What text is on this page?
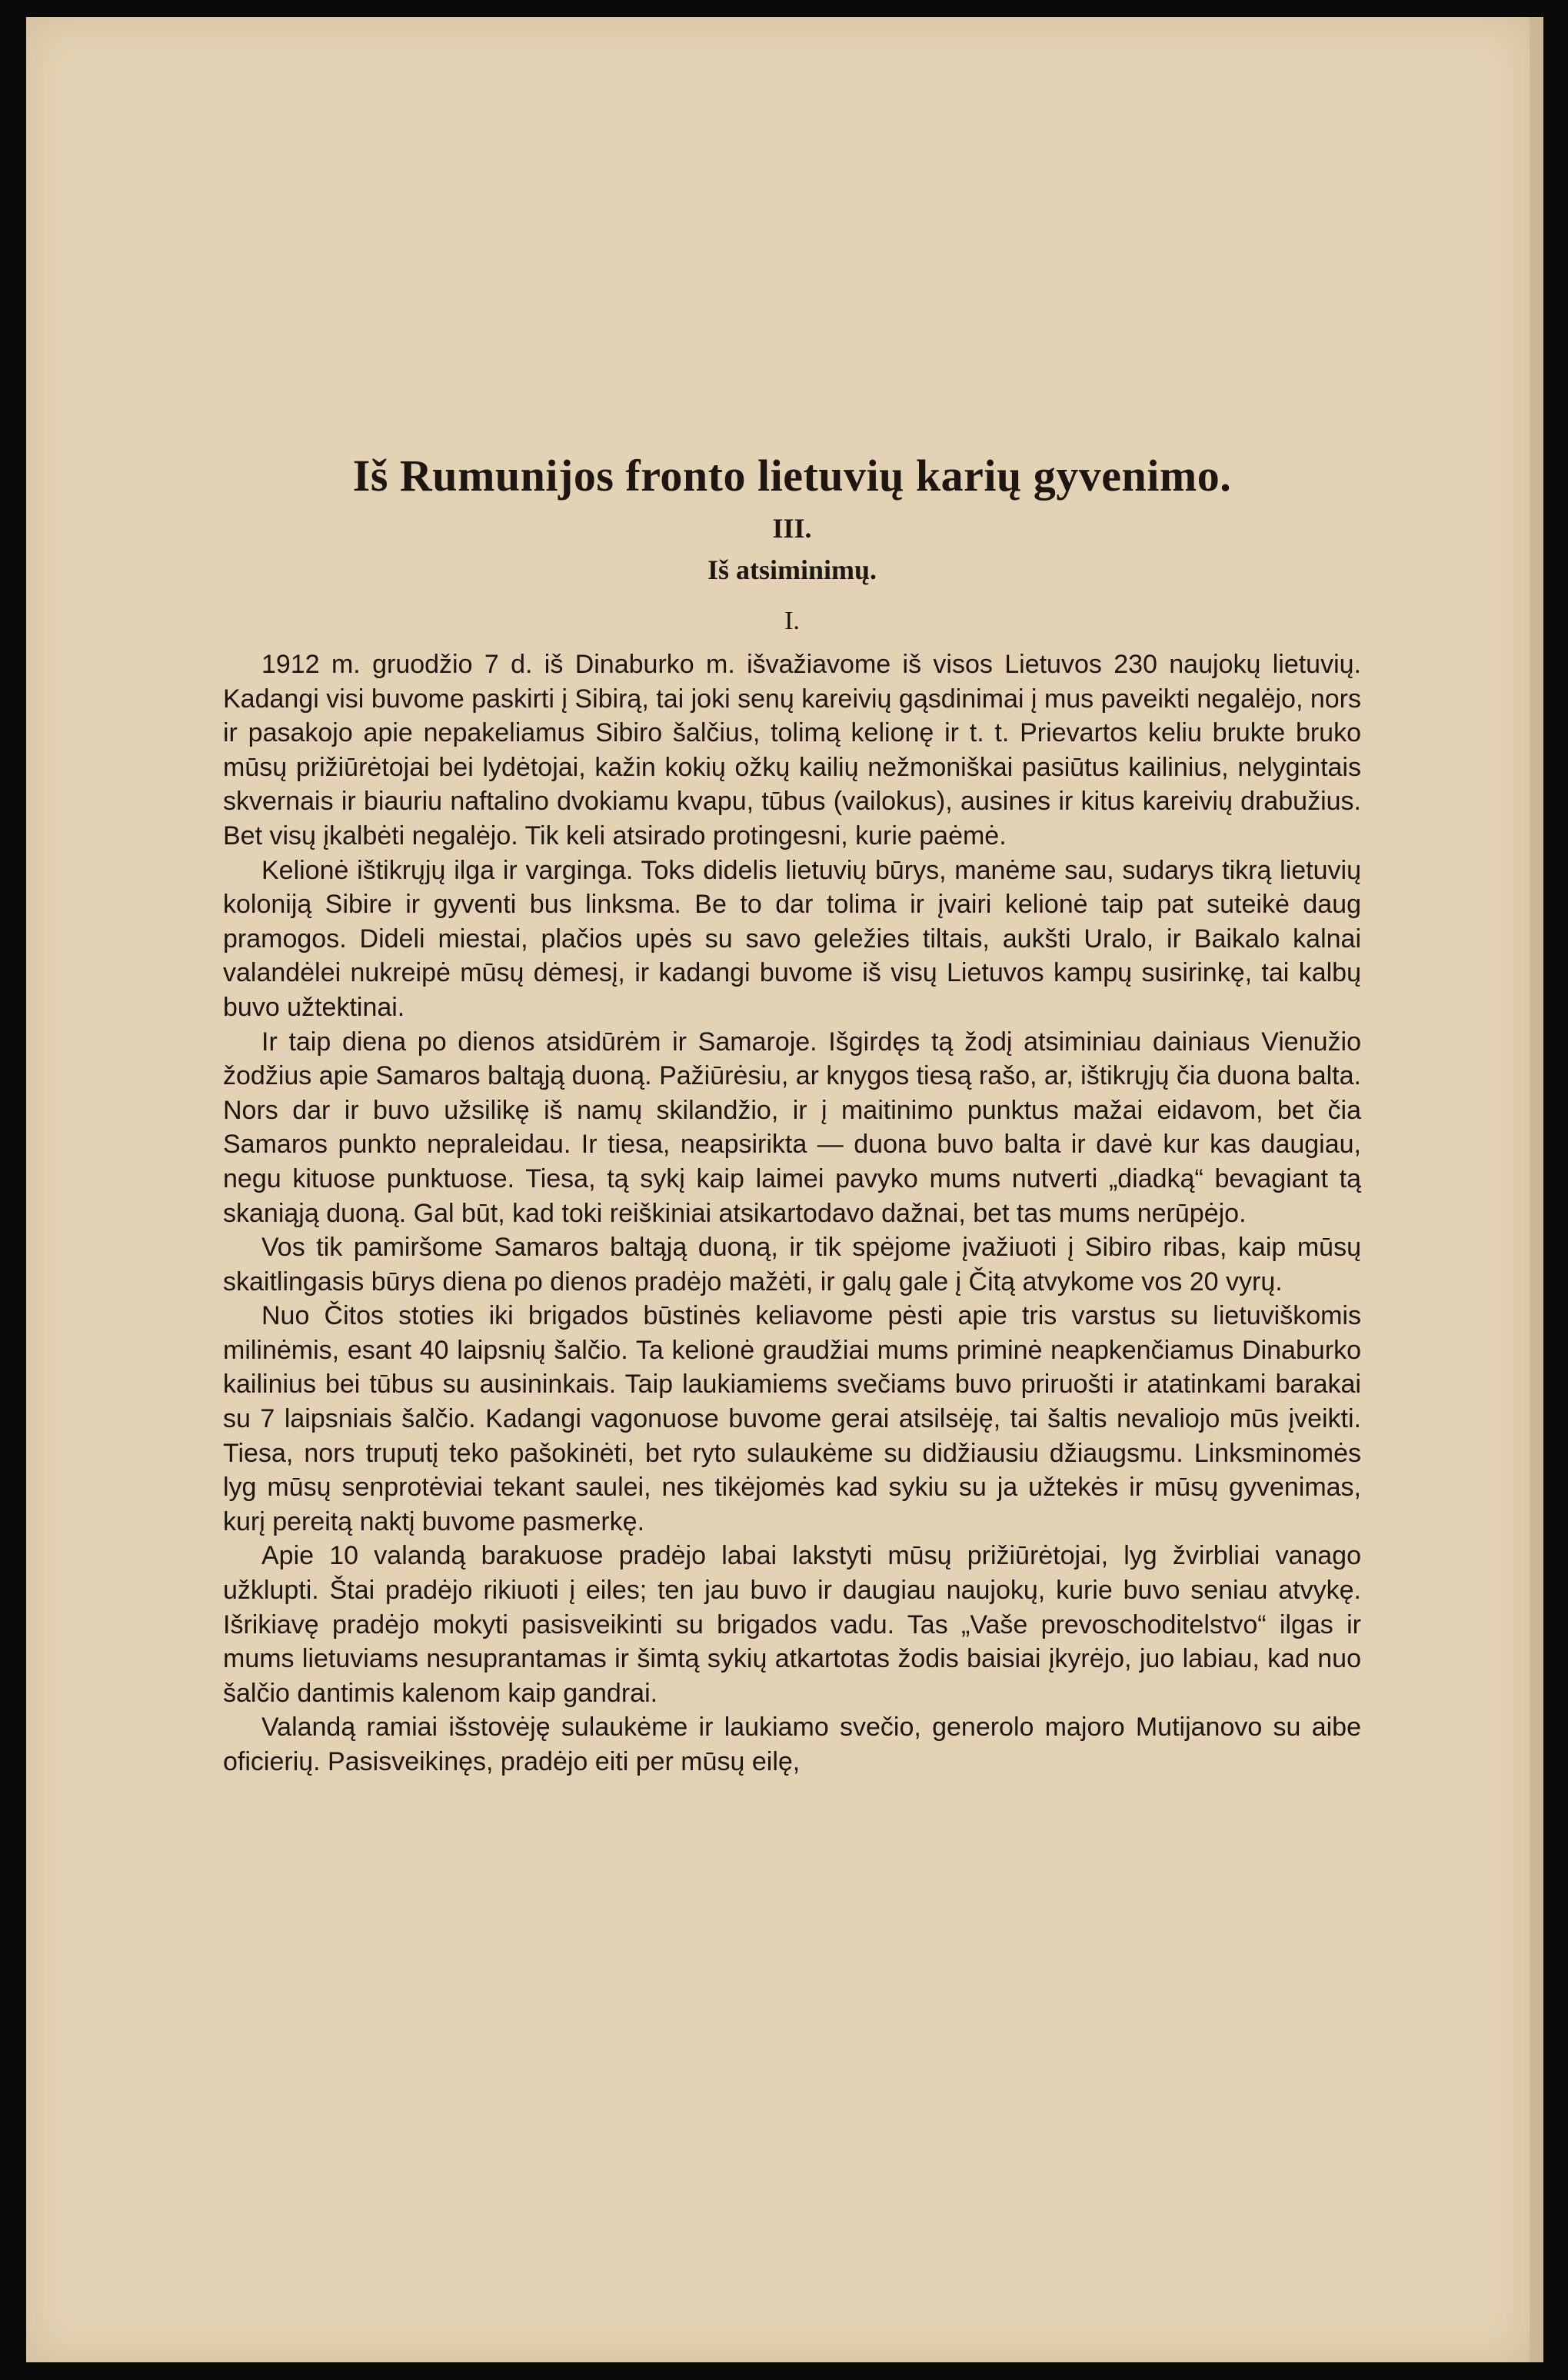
Iš Rumunijos fronto lietuvių karių gyvenimo.
III.
Iš atsiminimų.
I.

1912 m. gruodžio 7 d. iš Dinaburko m. išvažiavome iš visos Lietuvos 230 naujokų lietuvių. Kadangi visi buvome paskirti į Sibirą, tai joki senų kareivių gąsdinimai į mus paveikti negalėjo, nors ir pasakojo apie nepakeliamus Sibiro šalčius, tolimą kelionę ir t. t. Prievartos keliu brukte bruko mūsų prižiūrėtojai bei lydėtojai, kažin kokių ožkų kailių nežmoniškai pasiūtus kailinius, nelygintais skvernais ir biauriu naftalino dvokiamu kvapu, tūbus (vailokus), ausines ir kitus kareivių drabužius. Bet visų įkalbėti negalėjo. Tik keli atsirado protingesni, kurie paėmė.

Kelionė ištikrųjų ilga ir varginga. Toks didelis lietuvių būrys, manėme sau, sudarys tikrą lietuvių koloniją Sibire ir gyventi bus linksma. Be to dar tolima ir įvairi kelionė taip pat suteikė daug pramogos. Dideli miestai, plačios upės su savo geležies tiltais, aukšti Uralo, ir Baikalo kalnai valandėlei nukreipė mūsų dėmesį, ir kadangi buvome iš visų Lietuvos kampų susirinkę, tai kalbų buvo užtektinai.

Ir taip diena po dienos atsidūrėm ir Samaroje. Išgirdęs tą žodį atsiminiau dainiaus Vienužio žodžius apie Samaros baltąją duoną. Pažiūrėsiu, ar knygos tiesą rašo, ar, ištikrųjų čia duona balta. Nors dar ir buvo užsilikę iš namų skilandžio, ir į maitinimo punktus mažai eidavom, bet čia Samaros punkto nepraleidau. Ir tiesa, neapsirikta — duona buvo balta ir davė kur kas daugiau, negu kituose punktuose. Tiesa, tą sykį kaip laimei pavyko mums nutverti „diadką“ bevagiant tą skaniąją duoną. Gal būt, kad toki reiškiniai atsikartodavo dažnai, bet tas mums nerūpėjo.

Vos tik pamiršome Samaros baltąją duoną, ir tik spėjome įvažiuoti į Sibiro ribas, kaip mūsų skaitlingasis būrys diena po dienos pradėjo mažėti, ir galų gale į Čitą atvykome vos 20 vyrų.

Nuo Čitos stoties iki brigados būstinės keliavome pėsti apie tris varstus su lietuviškomis milinėmis, esant 40 laipsnių šalčio. Ta kelionė graudžiai mums priminė neapkenčiamus Dinaburko kailinius bei tūbus su ausininkais. Taip laukiamiems svečiams buvo priruošti ir atatinkami barakai su 7 laipsniais šalčio. Kadangi vagonuose buvome gerai atsilsėję, tai šaltis nevaliojo mūs įveikti. Tiesa, nors truputį teko pašokinėti, bet ryto sulaukėme su didžiausiu džiaugsmu. Linksminomės lyg mūsų senprotėviai tekant saulei, nes tikėjomės kad sykiu su ja užtekės ir mūsų gyvenimas, kurį pereitą naktį buvome pasmerkę.

Apie 10 valandą barakuose pradėjo labai lakstyti mūsų prižiūrėtojai, lyg žvirbliai vanago užklupti. Štai pradėjo rikiuoti į eiles; ten jau buvo ir daugiau naujokų, kurie buvo seniau atvykę. Išrikiavę pradėjo mokyti pasisveikinti su brigados vadu. Tas „Vaše prevoschoditelstvo“ ilgas ir mums lietuviams nesuprantamas ir šimtą sykių atkartotas žodis baisiai įkyrėjo, juo labiau, kad nuo šalčio dantimis kalenom kaip gandrai.

Valandą ramiai išstovėję sulaukėme ir laukiamo svečio, generolo majoro Mutijanovo su aibe oficierių. Pasisveikinęs, pradėjo eiti per mūsų eilę,
